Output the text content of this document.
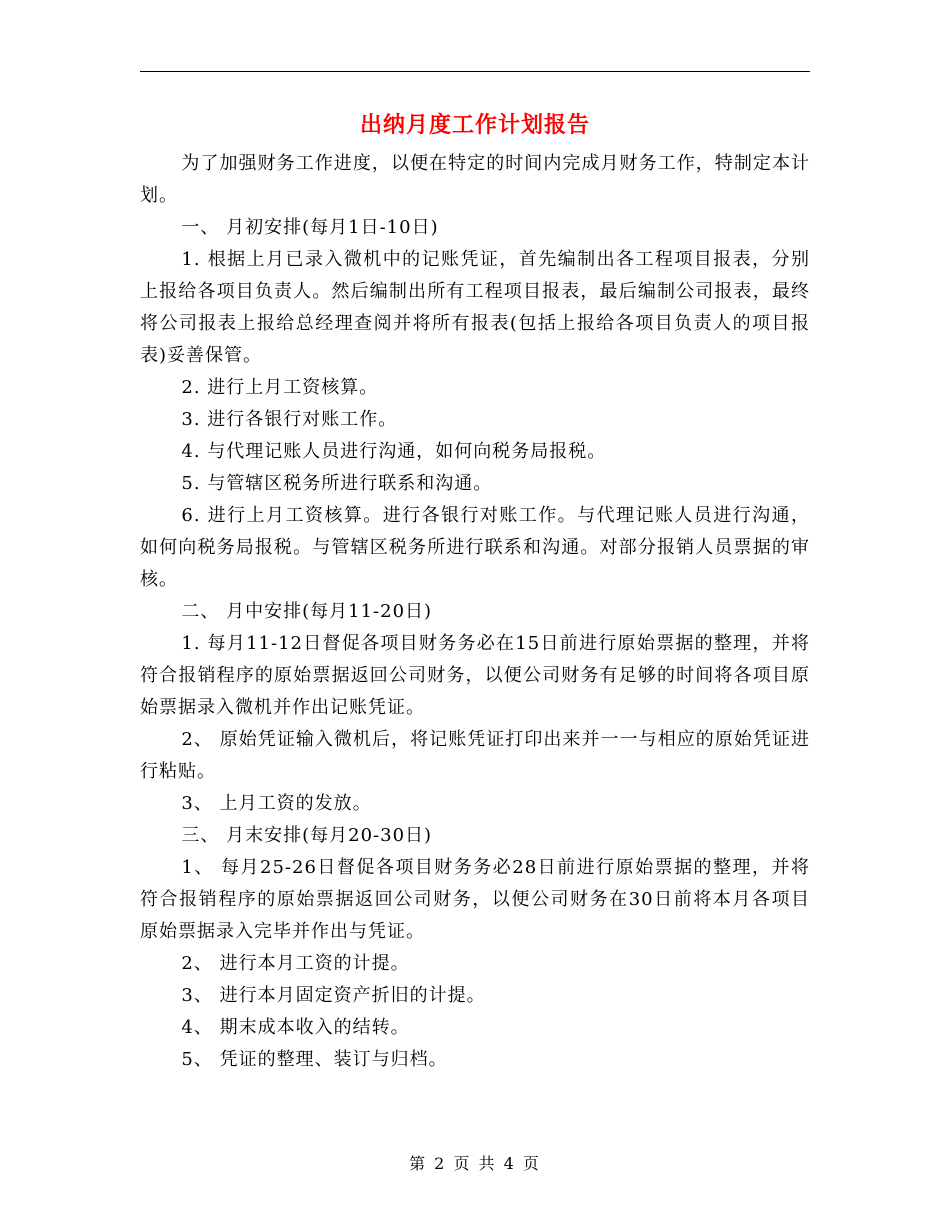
出纳月度工作计划报告

为了加强财务工作进度，以便在特定的时间内完成月财务工作，特制定本计划。

一、 月初安排(每月1日-10日)

1. 根据上月已录入微机中的记账凭证，首先编制出各工程项目报表，分别上报给各项目负责人。然后编制出所有工程项目报表，最后编制公司报表，最终将公司报表上报给总经理查阅并将所有报表(包括上报给各项目负责人的项目报表)妥善保管。

2. 进行上月工资核算。

3. 进行各银行对账工作。

4. 与代理记账人员进行沟通，如何向税务局报税。

5. 与管辖区税务所进行联系和沟通。

6. 进行上月工资核算。进行各银行对账工作。与代理记账人员进行沟通，如何向税务局报税。与管辖区税务所进行联系和沟通。对部分报销人员票据的审核。

二、 月中安排(每月11-20日)

1. 每月11-12日督促各项目财务务必在15日前进行原始票据的整理，并将符合报销程序的原始票据返回公司财务，以便公司财务有足够的时间将各项目原始票据录入微机并作出记账凭证。

2、 原始凭证输入微机后，将记账凭证打印出来并一一与相应的原始凭证进行粘贴。

3、 上月工资的发放。

三、 月末安排(每月20-30日)

1、 每月25-26日督促各项目财务务必28日前进行原始票据的整理，并将符合报销程序的原始票据返回公司财务，以便公司财务在30日前将本月各项目原始票据录入完毕并作出与凭证。

2、 进行本月工资的计提。

3、 进行本月固定资产折旧的计提。

4、 期末成本收入的结转。

5、 凭证的整理、装订与归档。

第 2 页 共 4 页
